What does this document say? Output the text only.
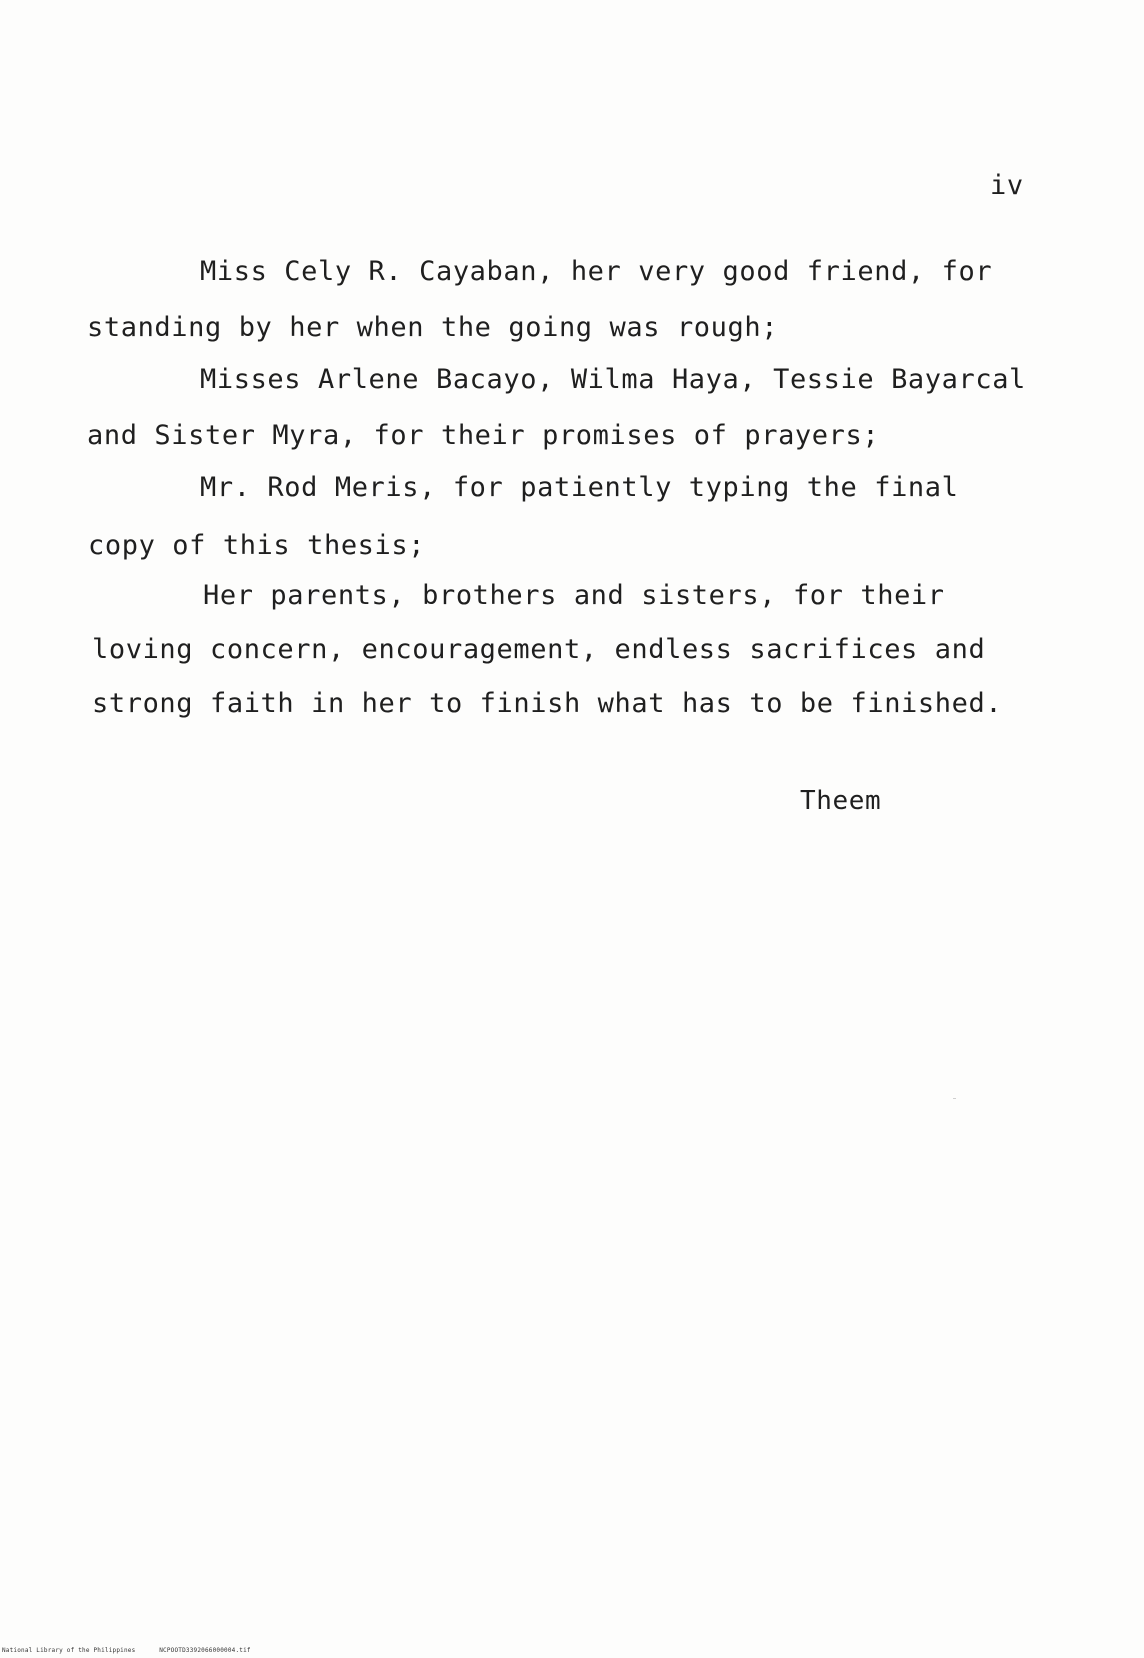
iv
Miss Cely R. Cayaban, her very good friend, for
standing by her when the going was rough;
Misses Arlene Bacayo, Wilma Haya, Tessie Bayarcal
and Sister Myra, for their promises of prayers;
Mr. Rod Meris, for patiently typing the final
copy of this thesis;
Her parents, brothers and sisters, for their
loving concern, encouragement, endless sacrifices and
strong faith in her to finish what has to be finished.
Theem
National Library of the Philippines	NCPOOTD3392066000004.tif
